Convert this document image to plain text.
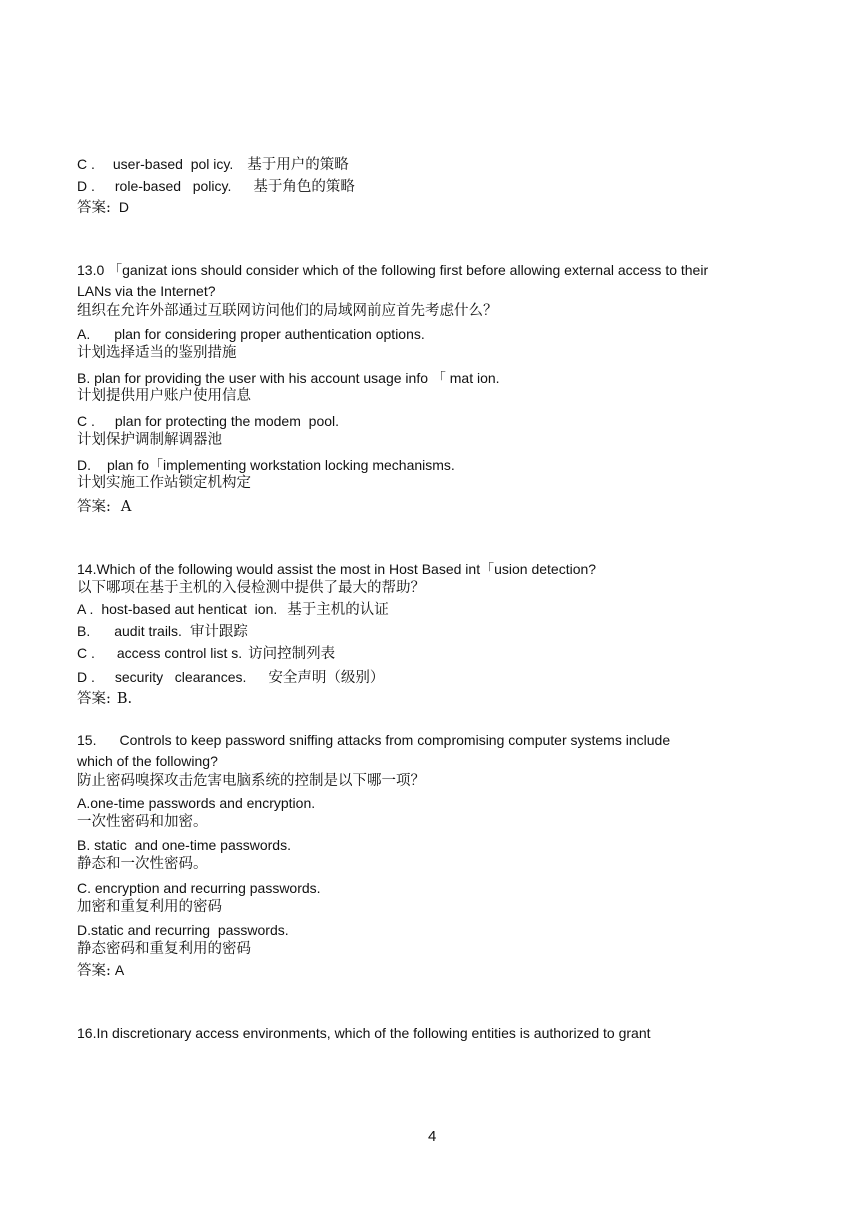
C . user-based  pol icy. 基于用户的策略
D . role-based   policy. 基于角色的策略
答案: D
13.0 「ganizat ions should consider which of the following first before allowing external access to their
LANs via the Internet?
组织在允许外部通过互联网访问他们的局域网前应首先考虑什么？
A. plan for considering proper authentication options.
计划选择适当的鉴别措施
B. plan for providing the user with his account usage info 「 mat ion.
计划提供用户账户使用信息
C . plan for protecting the modem  pool.
计划保护调制解调器池
D. plan fo「implementing workstation locking mechanisms.
计划实施工作站锁定机构定
答案: A
14.Which of the following would assist the most in Host Based int「usion detection?
以下哪项在基于主机的入侵检测中提供了最大的帮助？
A . host-based aut henticat  ion. 基于主机的认证
B. audit trails. 审计跟踪
C . access control list s. 访问控制列表
D . security   clearances. 安全声明（级别）
答案: B.
15. Controls to keep password sniffing attacks from compromising computer systems include
which of the following?
防止密码嗅探攻击危害电脑系统的控制是以下哪一项？
A.one-time passwords and encryption.
一次性密码和加密。
B. static  and one-time passwords.
静态和一次性密码。
C. encryption and recurring passwords.
加密和重复利用的密码
D.static and recurring  passwords.
静态密码和重复利用的密码
答案: A
16.In discretionary access environments, which of the following entities is authorized to grant
4
